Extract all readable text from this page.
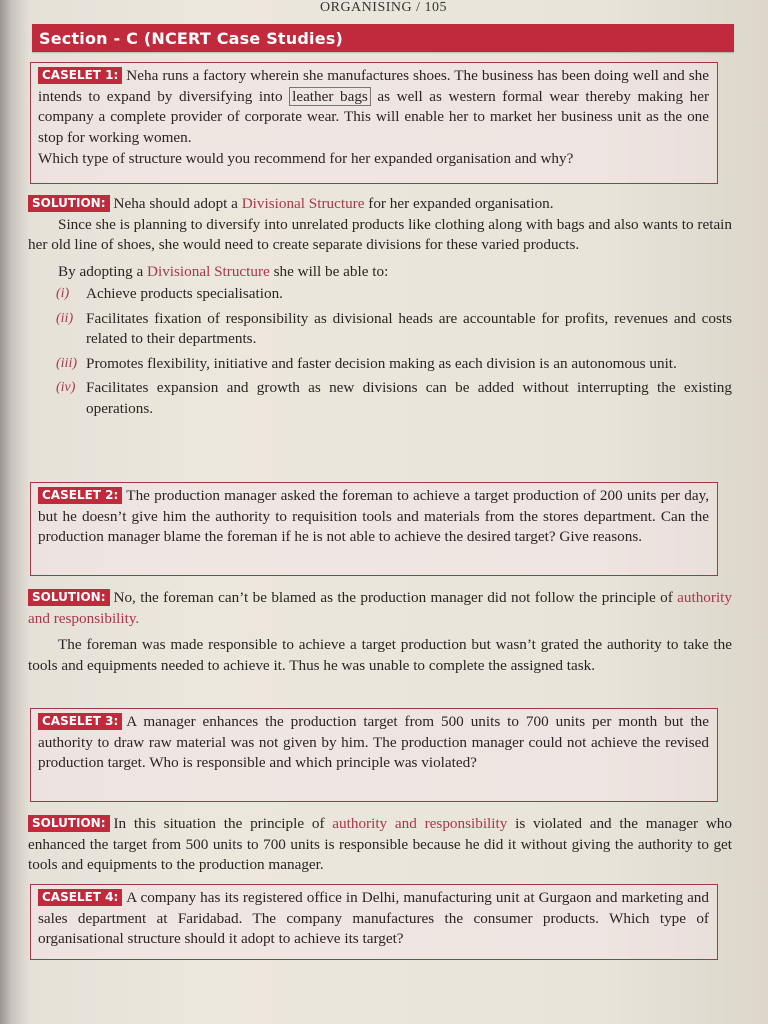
ORGANISING / 105
Section - C (NCERT Case Studies)
CASELET 1: Neha runs a factory wherein she manufactures shoes. The business has been doing well and she intends to expand by diversifying into leather bags as well as western formal wear thereby making her company a complete provider of corporate wear. This will enable her to market her business unit as the one stop for working women.
Which type of structure would you recommend for her expanded organisation and why?

SOLUTION: Neha should adopt a Divisional Structure for her expanded organisation.

Since she is planning to diversify into unrelated products like clothing along with bags and also wants to retain her old line of shoes, she would need to create separate divisions for these varied products.

By adopting a Divisional Structure she will be able to:

(i) Achieve products specialisation.
(ii) Facilitates fixation of responsibility as divisional heads are accountable for profits, revenues and costs related to their departments.
(iii) Promotes flexibility, initiative and faster decision making as each division is an autonomous unit.
(iv) Facilitates expansion and growth as new divisions can be added without interrupting the existing operations.
CASELET 2: The production manager asked the foreman to achieve a target production of 200 units per day, but he doesn’t give him the authority to requisition tools and materials from the stores department. Can the production manager blame the foreman if he is not able to achieve the desired target? Give reasons.

SOLUTION: No, the foreman can’t be blamed as the production manager did not follow the principle of authority and responsibility.

The foreman was made responsible to achieve a target production but wasn’t grated the authority to take the tools and equipments needed to achieve it. Thus he was unable to complete the assigned task.

CASELET 3: A manager enhances the production target from 500 units to 700 units per month but the authority to draw raw material was not given by him. The production manager could not achieve the revised production target. Who is responsible and which principle was violated?

SOLUTION: In this situation the principle of authority and responsibility is violated and the manager who enhanced the target from 500 units to 700 units is responsible because he did it without giving the authority to get tools and equipments to the production manager.

CASELET 4: A company has its registered office in Delhi, manufacturing unit at Gurgaon and marketing and sales department at Faridabad. The company manufactures the consumer products. Which type of organisational structure should it adopt to achieve its target?
